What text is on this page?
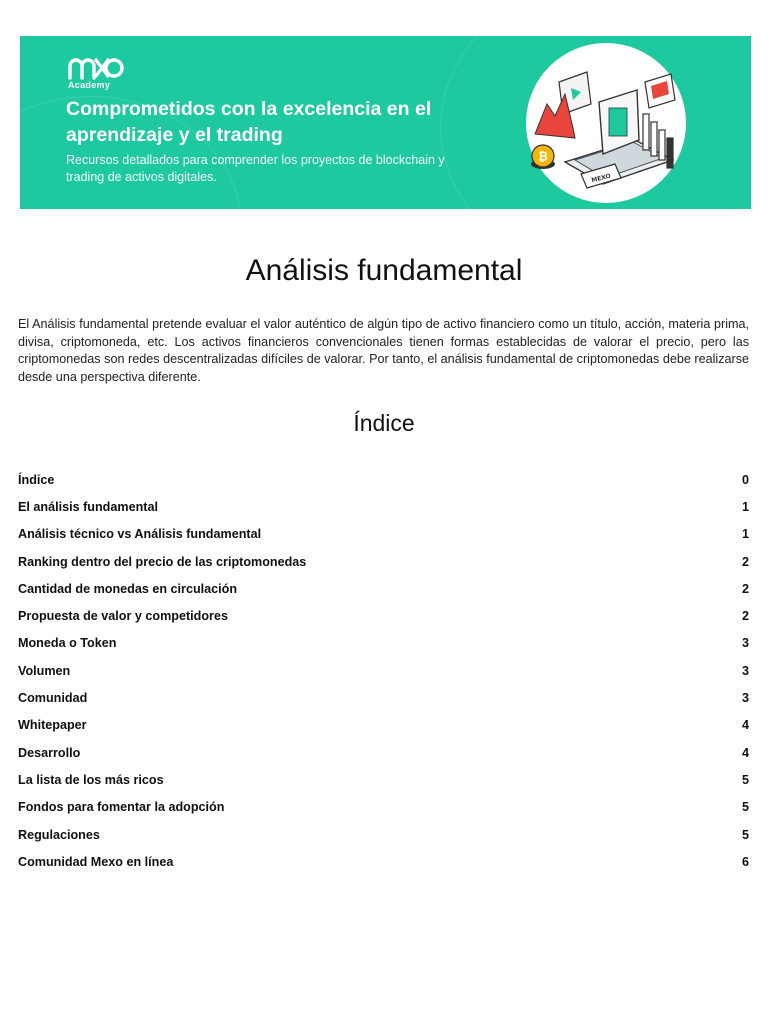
Academy
Comprometidos con la excelencia en el aprendizaje y el trading
Recursos detallados para comprender los proyectos de blockchain y trading de activos digitales.
₿
MEXO
Análisis fundamental

El Análisis fundamental pretende evaluar el valor auténtico de algún tipo de activo financiero como un título, acción, materia prima, divisa, criptomoneda, etc. Los activos financieros convencionales tienen formas establecidas de valorar el precio, pero las criptomonedas son redes descentralizadas difíciles de valorar. Por tanto, el análisis fundamental de criptomonedas debe realizarse desde una perspectiva diferente.

Índice
Índice	0
El análisis fundamental	1
Análisis técnico vs Análisis fundamental	1
Ranking dentro del precio de las criptomonedas	2
Cantidad de monedas en circulación	2
Propuesta de valor y competidores	2
Moneda o Token	3
Volumen	3
Comunidad	3
Whitepaper	4
Desarrollo	4
La lista de los más ricos	5
Fondos para fomentar la adopción	5
Regulaciones	5
Comunidad Mexo en línea	6
